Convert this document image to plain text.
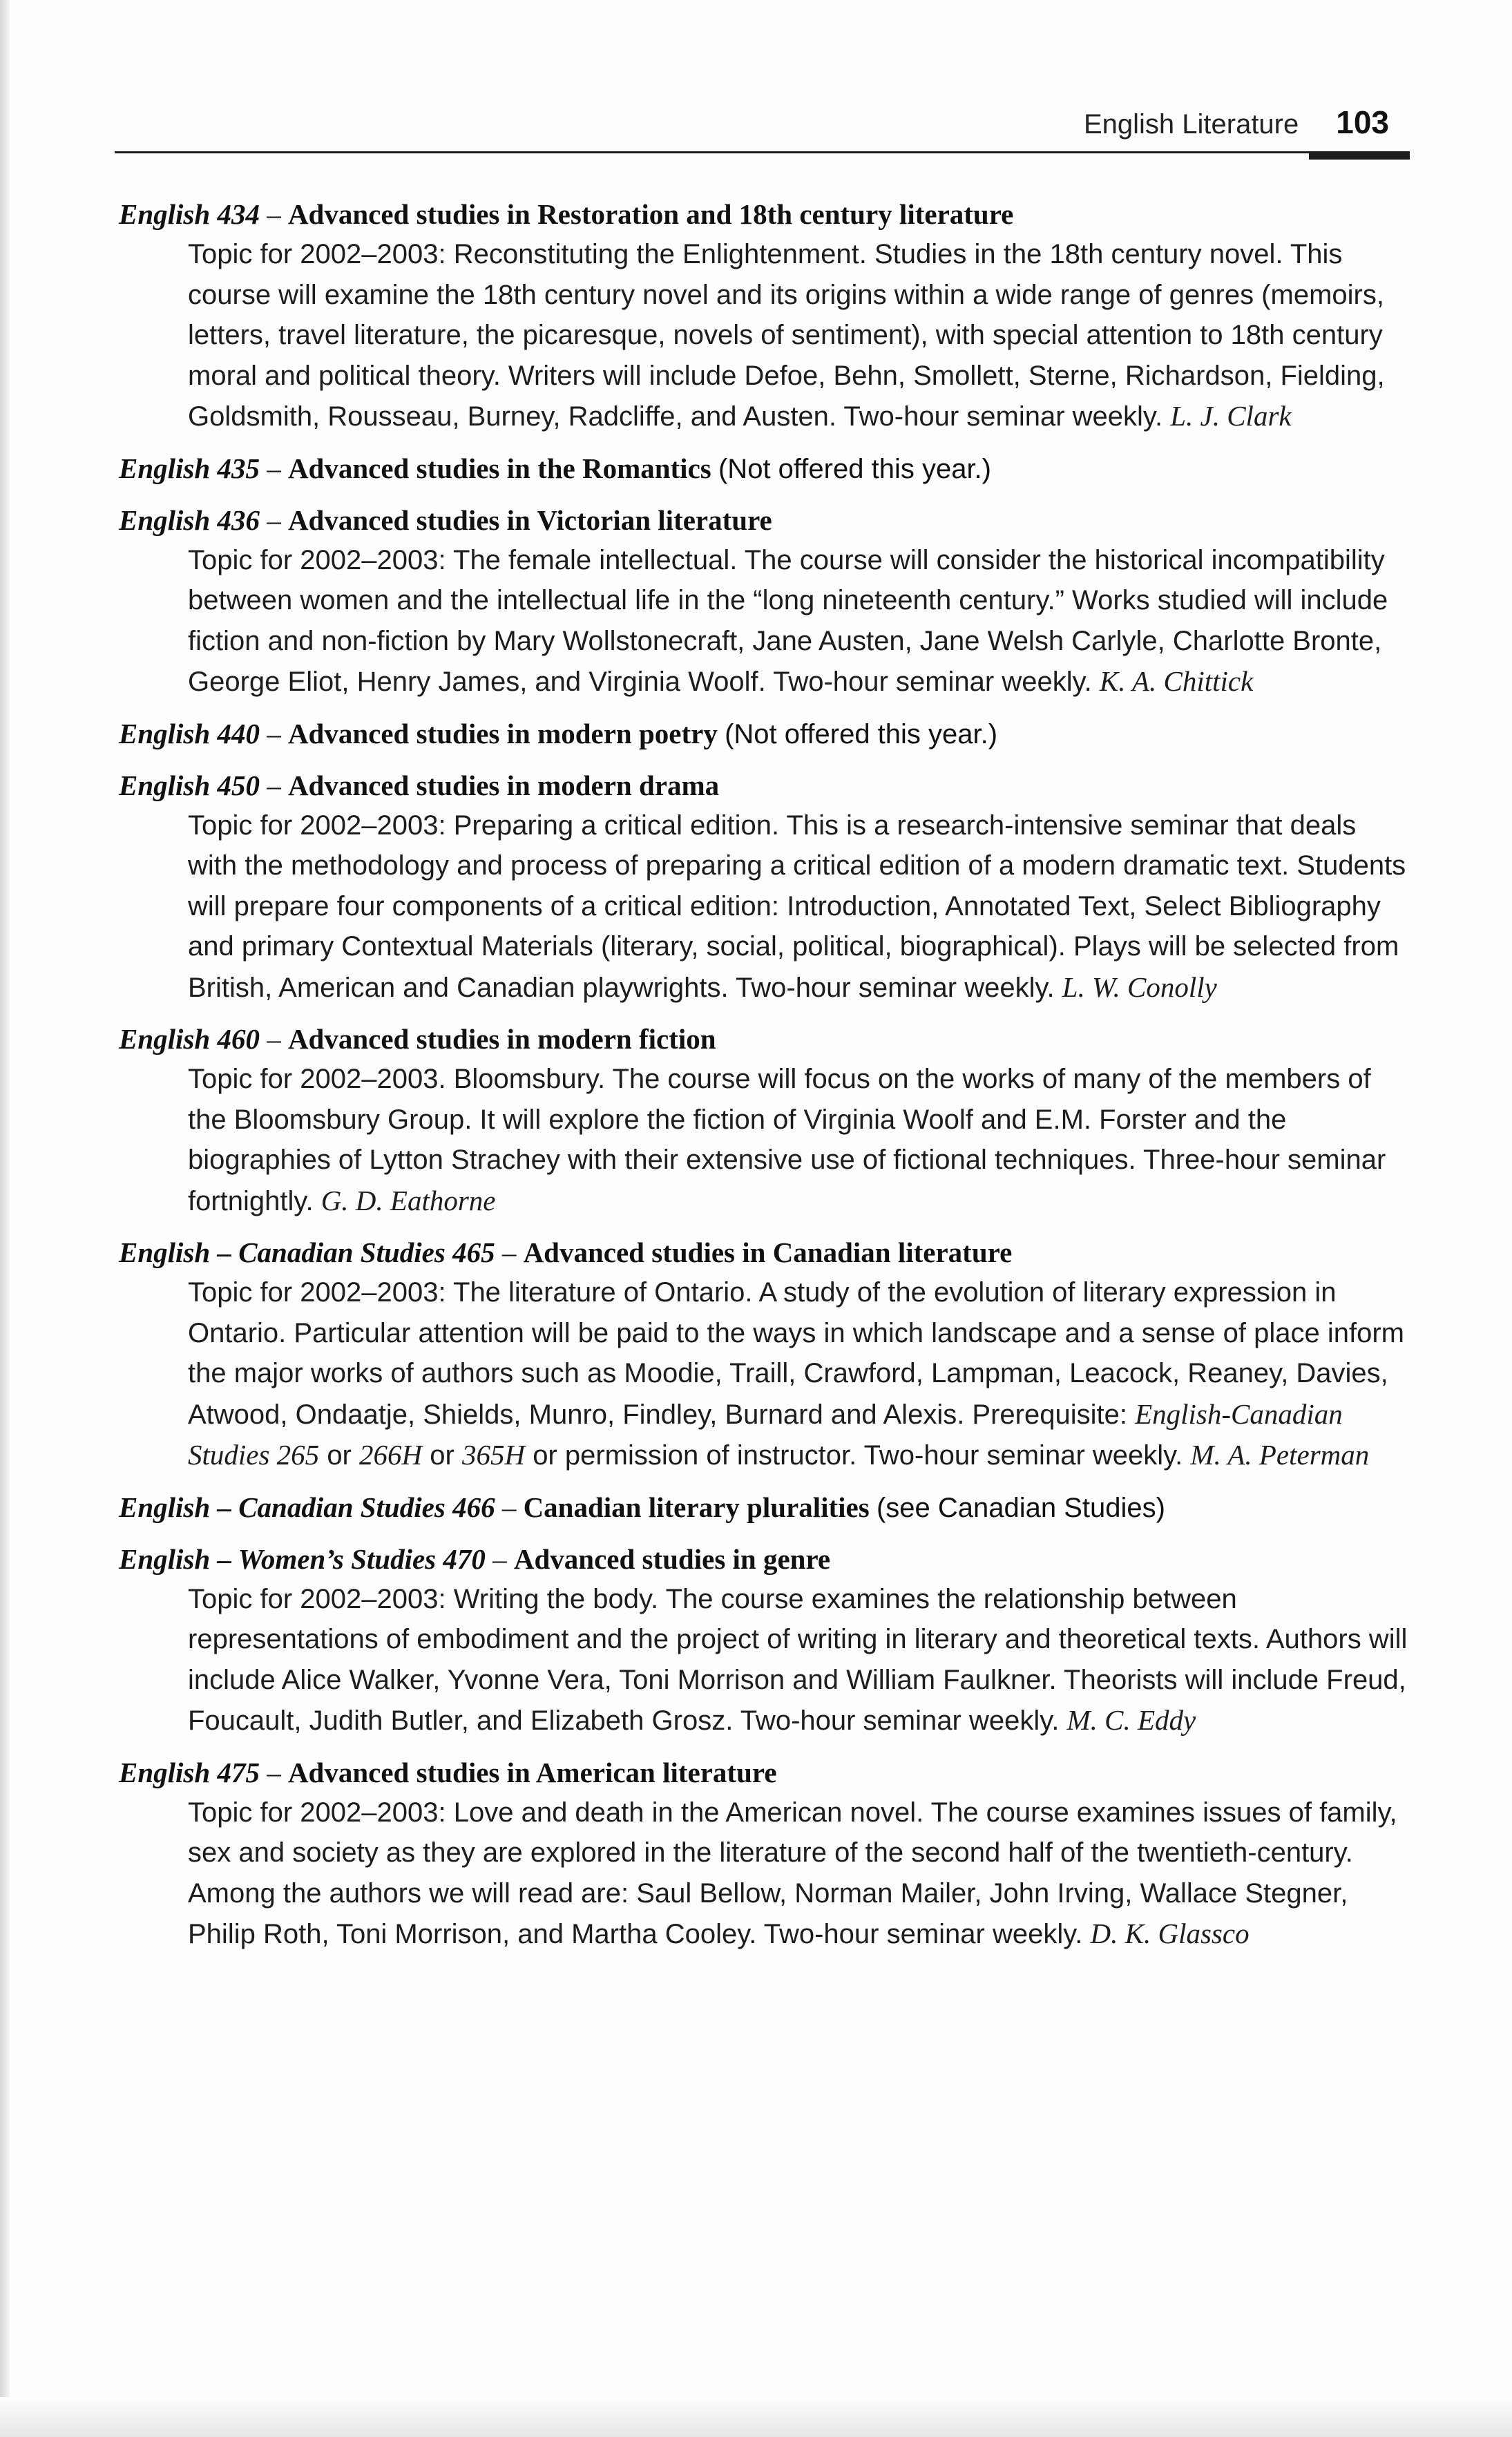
English Literature 103
English 434 – Advanced studies in Restoration and 18th century literature
Topic for 2002–2003: Reconstituting the Enlightenment. Studies in the 18th century novel. This course will examine the 18th century novel and its origins within a wide range of genres (memoirs, letters, travel literature, the picaresque, novels of sentiment), with special attention to 18th century moral and political theory. Writers will include Defoe, Behn, Smollett, Sterne, Richardson, Fielding, Goldsmith, Rousseau, Burney, Radcliffe, and Austen. Two-hour seminar weekly. L. J. Clark
English 435 – Advanced studies in the Romantics (Not offered this year.)
English 436 – Advanced studies in Victorian literature
Topic for 2002–2003: The female intellectual. The course will consider the historical incompatibility between women and the intellectual life in the “long nineteenth century.” Works studied will include fiction and non-fiction by Mary Wollstonecraft, Jane Austen, Jane Welsh Carlyle, Charlotte Bronte, George Eliot, Henry James, and Virginia Woolf. Two-hour seminar weekly. K. A. Chittick
English 440 – Advanced studies in modern poetry (Not offered this year.)
English 450 – Advanced studies in modern drama
Topic for 2002–2003: Preparing a critical edition. This is a research-intensive seminar that deals with the methodology and process of preparing a critical edition of a modern dramatic text. Students will prepare four components of a critical edition: Introduction, Annotated Text, Select Bibliography and primary Contextual Materials (literary, social, political, biographical). Plays will be selected from British, American and Canadian playwrights. Two-hour seminar weekly. L. W. Conolly
English 460 – Advanced studies in modern fiction
Topic for 2002–2003. Bloomsbury. The course will focus on the works of many of the members of the Bloomsbury Group. It will explore the fiction of Virginia Woolf and E.M. Forster and the biographies of Lytton Strachey with their extensive use of fictional techniques. Three-hour seminar fortnightly. G. D. Eathorne
English – Canadian Studies 465 – Advanced studies in Canadian literature
Topic for 2002–2003: The literature of Ontario. A study of the evolution of literary expression in Ontario. Particular attention will be paid to the ways in which landscape and a sense of place inform the major works of authors such as Moodie, Traill, Crawford, Lampman, Leacock, Reaney, Davies, Atwood, Ondaatje, Shields, Munro, Findley, Burnard and Alexis. Prerequisite: English-Canadian Studies 265 or 266H or 365H or permission of instructor. Two-hour seminar weekly. M. A. Peterman
English – Canadian Studies 466 – Canadian literary pluralities (see Canadian Studies)
English – Women’s Studies 470 – Advanced studies in genre
Topic for 2002–2003: Writing the body. The course examines the relationship between representations of embodiment and the project of writing in literary and theoretical texts. Authors will include Alice Walker, Yvonne Vera, Toni Morrison and William Faulkner. Theorists will include Freud, Foucault, Judith Butler, and Elizabeth Grosz. Two-hour seminar weekly. M. C. Eddy
English 475 – Advanced studies in American literature
Topic for 2002–2003: Love and death in the American novel. The course examines issues of family, sex and society as they are explored in the literature of the second half of the twentieth-century. Among the authors we will read are: Saul Bellow, Norman Mailer, John Irving, Wallace Stegner, Philip Roth, Toni Morrison, and Martha Cooley. Two-hour seminar weekly. D. K. Glassco
